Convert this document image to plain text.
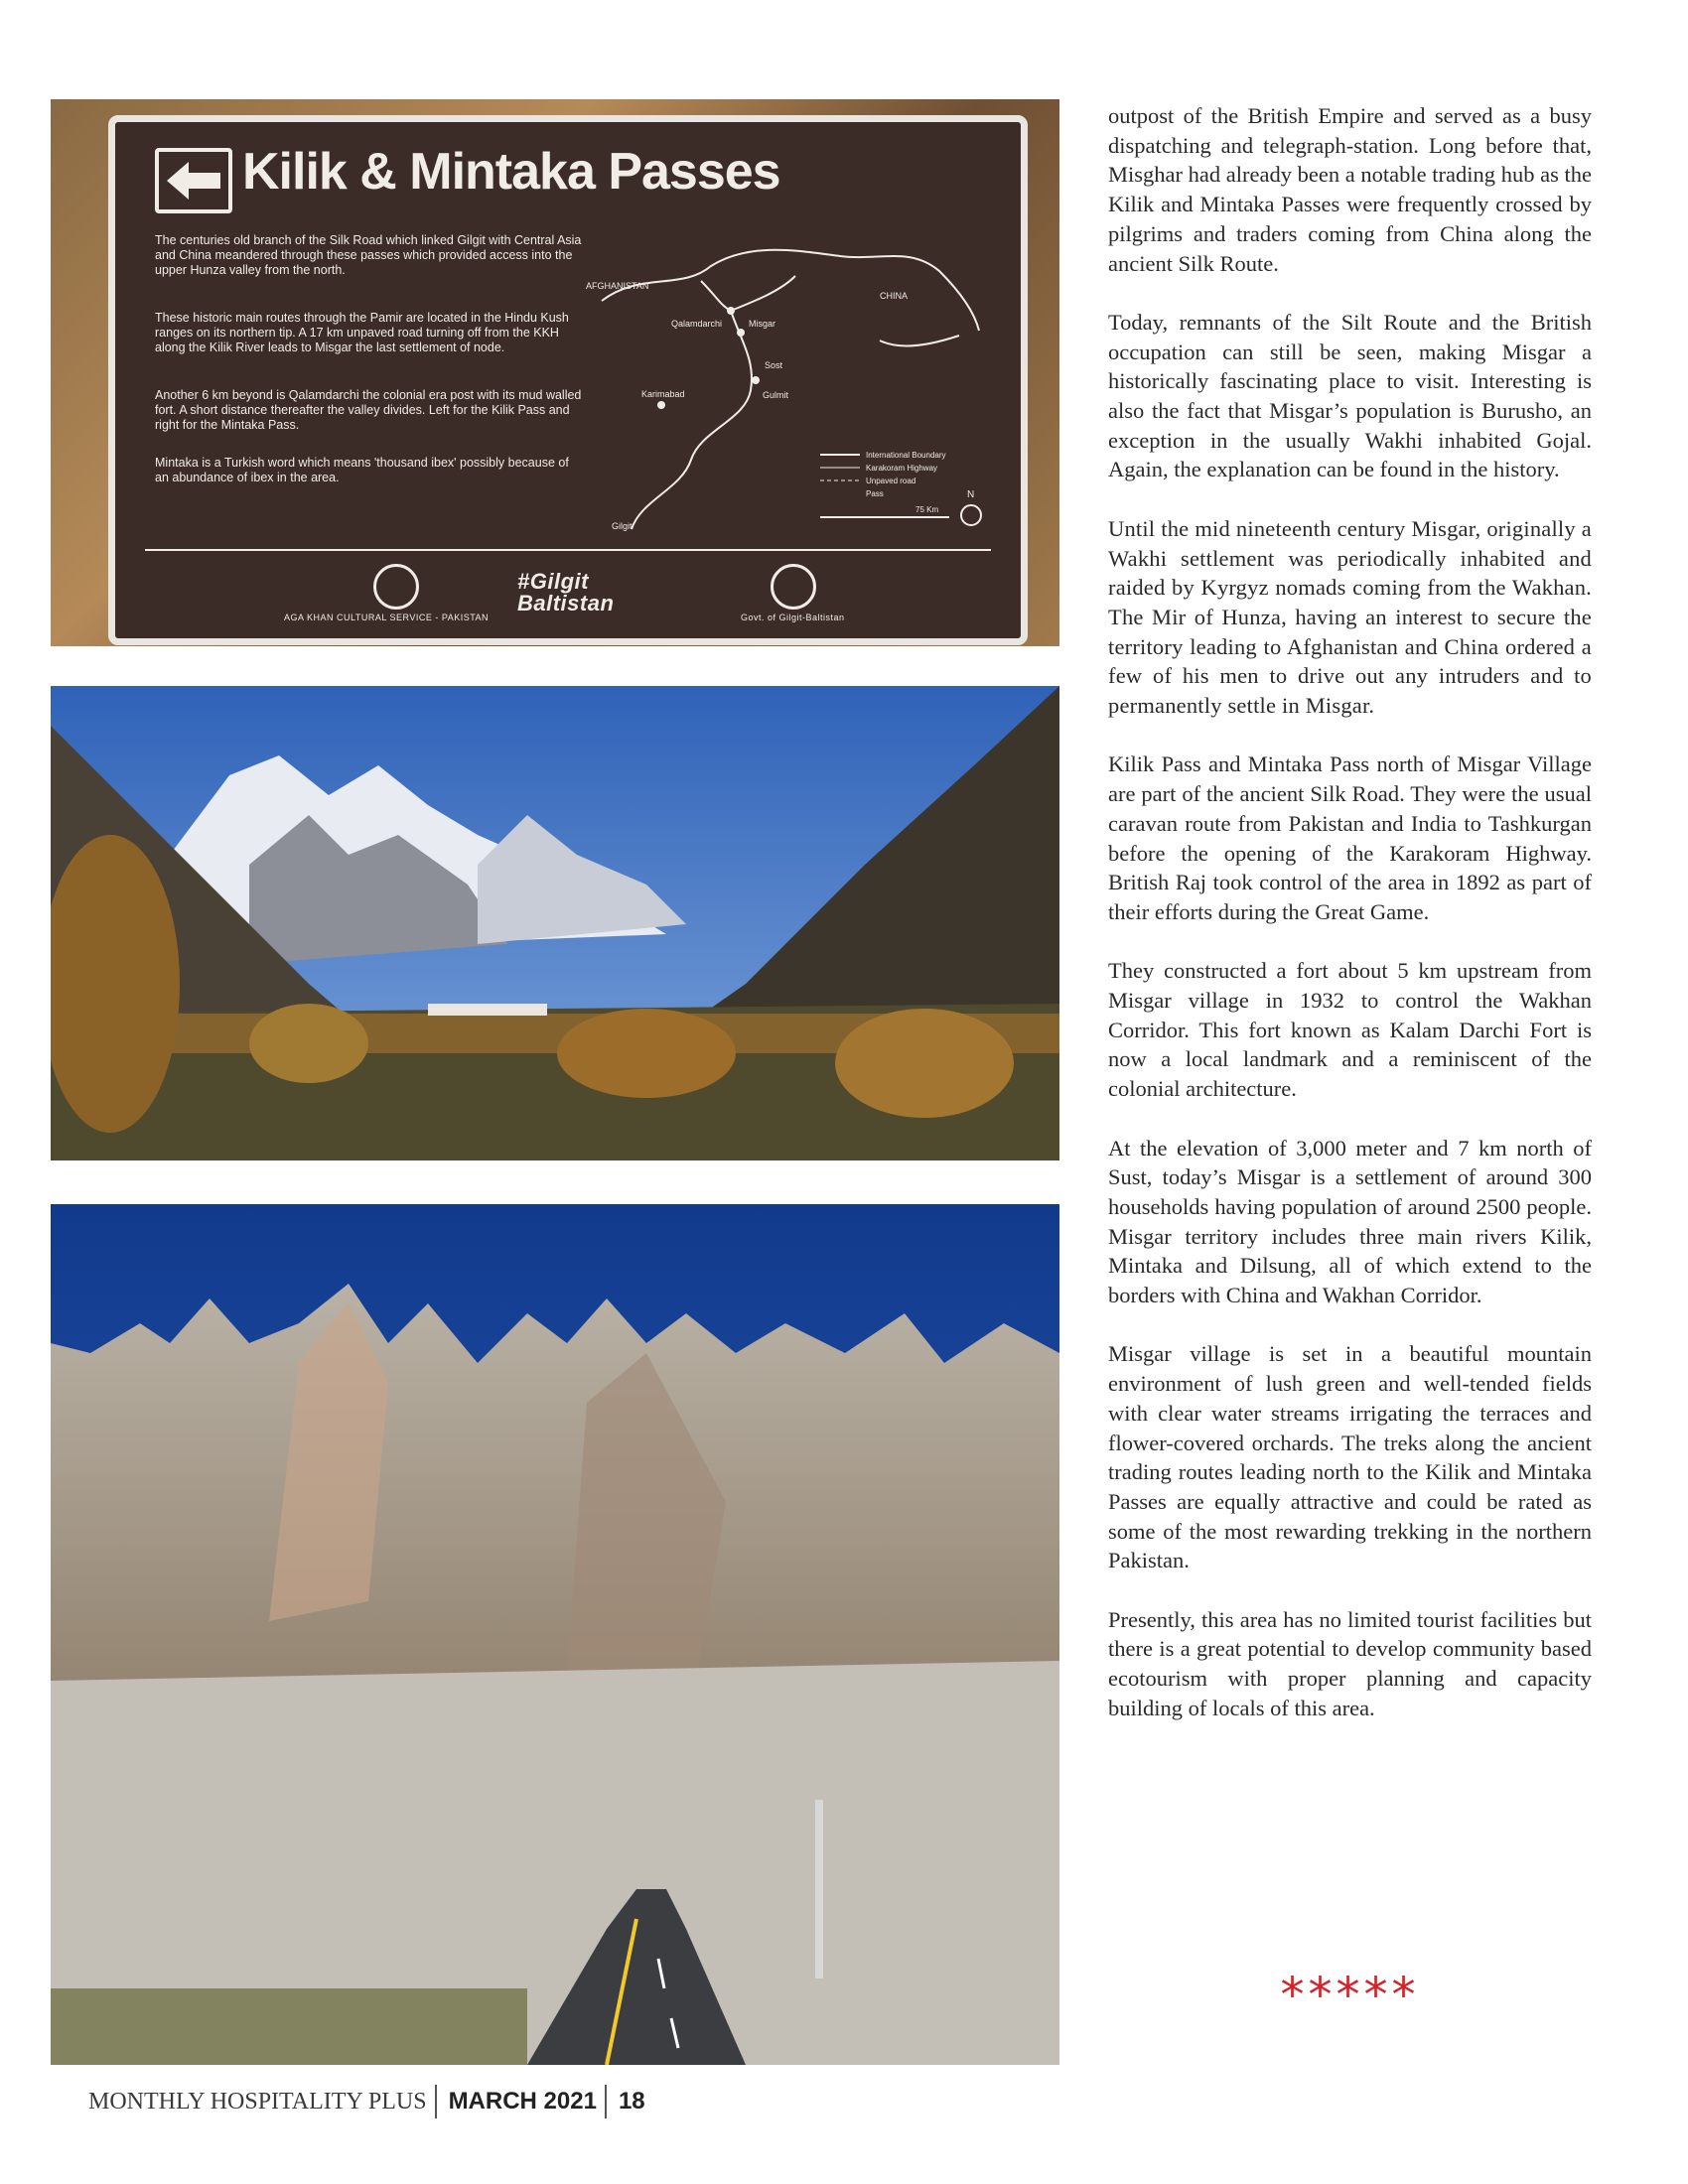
Kilik & Mintaka Passes
The centuries old branch of the Silk Road which linked Gilgit with Central Asia and China meandered through these passes which provided access into the upper Hunza valley from the north.
These historic main routes through the Pamir are located in the Hindu Kush ranges on its northern tip. A 17 km unpaved road turning off from the KKH along the Kilik River leads to Misgar the last settlement of node.
Another 6 km beyond is Qalamdarchi the colonial era post with its mud walled fort. A short distance thereafter the valley divides. Left for the Kilik Pass and right for the Mintaka Pass.
Mintaka is a Turkish word which means 'thousand ibex' possibly because of an abundance of ibex in the area.
AFGHANISTAN
CHINA
Qalamdarchi	Misgar
Sost
Gulmit
Karimabad
Gilgit
International Boundary
Karakoram Highway
Unpaved road
Pass
75 Km
N
AGA KHAN CULTURAL SERVICE - PAKISTAN
#Gilgit Baltistan
Govt. of Gilgit-Baltistan

outpost of the British Empire and served as a busy dispatching and telegraph-station. Long before that, Misghar had already been a notable trading hub as the Kilik and Mintaka Passes were frequently crossed by pilgrims and traders coming from China along the ancient Silk Route.

Today, remnants of the Silt Route and the British occupation can still be seen, making Misgar a historically fascinating place to visit. Interesting is also the fact that Misgar’s population is Burusho, an exception in the usually Wakhi inhabited Gojal. Again, the explanation can be found in the history.

Until the mid nineteenth century Misgar, originally a Wakhi settlement was periodically inhabited and raided by Kyrgyz nomads coming from the Wakhan. The Mir of Hunza, having an interest to secure the territory leading to Afghanistan and China ordered a few of his men to drive out any intruders and to permanently settle in Misgar.

Kilik Pass and Mintaka Pass north of Misgar Village are part of the ancient Silk Road. They were the usual caravan route from Pakistan and India to Tashkurgan before the opening of the Karakoram Highway. British Raj took control of the area in 1892 as part of their efforts during the Great Game.

They constructed a fort about 5 km upstream from Misgar village in 1932 to control the Wakhan Corridor. This fort known as Kalam Darchi Fort is now a local landmark and a reminiscent of the colonial architecture.

At the elevation of 3,000 meter and 7 km north of Sust, today’s Misgar is a settlement of around 300 households having population of around 2500 people. Misgar territory includes three main rivers Kilik, Mintaka and Dilsung, all of which extend to the borders with China and Wakhan Corridor.

Misgar village is set in a beautiful mountain environment of lush green and well-tended fields with clear water streams irrigating the terraces and flower-covered orchards. The treks along the ancient trading routes leading north to the Kilik and Mintaka Passes are equally attractive and could be rated as some of the most rewarding trekking in the northern Pakistan.

Presently, this area has no limited tourist facilities but there is a great potential to develop community based ecotourism with proper planning and capacity building of locals of this area.

*****
MONTHLY HOSPITALITY PLUS MARCH 2021 18
